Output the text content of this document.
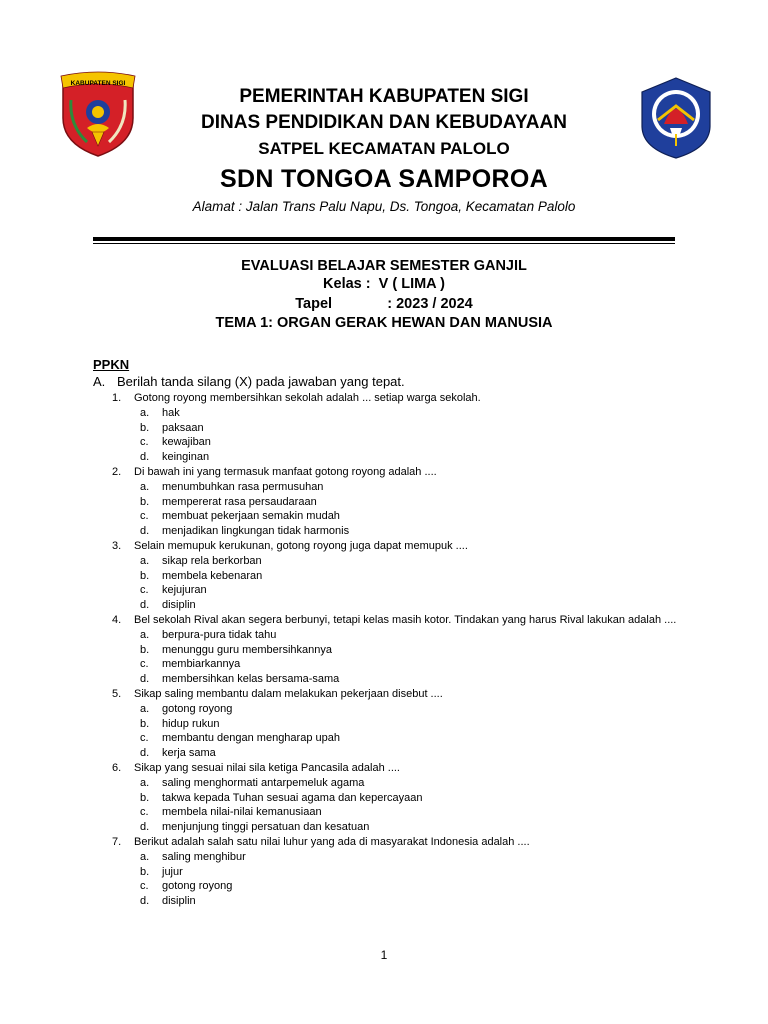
KABUPATEN SIGI
PEMERINTAH KABUPATEN SIGI
DINAS PENDIDIKAN DAN KEBUDAYAAN
SATPEL KECAMATAN PALOLO
SDN TONGOA SAMPOROA
Alamat : Jalan Trans Palu Napu, Ds. Tongoa, Kecamatan Palolo
EVALUASI BELAJAR SEMESTER GANJIL
Kelas : V ( LIMA )
Tapel	: 2023 / 2024
TEMA 1: ORGAN GERAK HEWAN DAN MANUSIA
PPKN
A. Berilah tanda silang (X) pada jawaban yang tepat.
1. Gotong royong membersihkan sekolah adalah ... setiap warga sekolah.
a. hak
b. paksaan
c. kewajiban
d. keinginan
2. Di bawah ini yang termasuk manfaat gotong royong adalah ....
a. menumbuhkan rasa permusuhan
b. mempererat rasa persaudaraan
c. membuat pekerjaan semakin mudah
d. menjadikan lingkungan tidak harmonis
3. Selain memupuk kerukunan, gotong royong juga dapat memupuk ....
a. sikap rela berkorban
b. membela kebenaran
c. kejujuran
d. disiplin
4. Bel sekolah Rival akan segera berbunyi, tetapi kelas masih kotor. Tindakan yang harus Rival lakukan adalah ....
a. berpura-pura tidak tahu
b. menunggu guru membersihkannya
c. membiarkannya
d. membersihkan kelas bersama-sama
5. Sikap saling membantu dalam melakukan pekerjaan disebut ....
a. gotong royong
b. hidup rukun
c. membantu dengan mengharap upah
d. kerja sama
6. Sikap yang sesuai nilai sila ketiga Pancasila adalah ....
a. saling menghormati antarpemeluk agama
b. takwa kepada Tuhan sesuai agama dan kepercayaan
c. membela nilai-nilai kemanusiaan
d. menjunjung tinggi persatuan dan kesatuan
7. Berikut adalah salah satu nilai luhur yang ada di masyarakat Indonesia adalah ....
a. saling menghibur
b. jujur
c. gotong royong
d. disiplin
1
